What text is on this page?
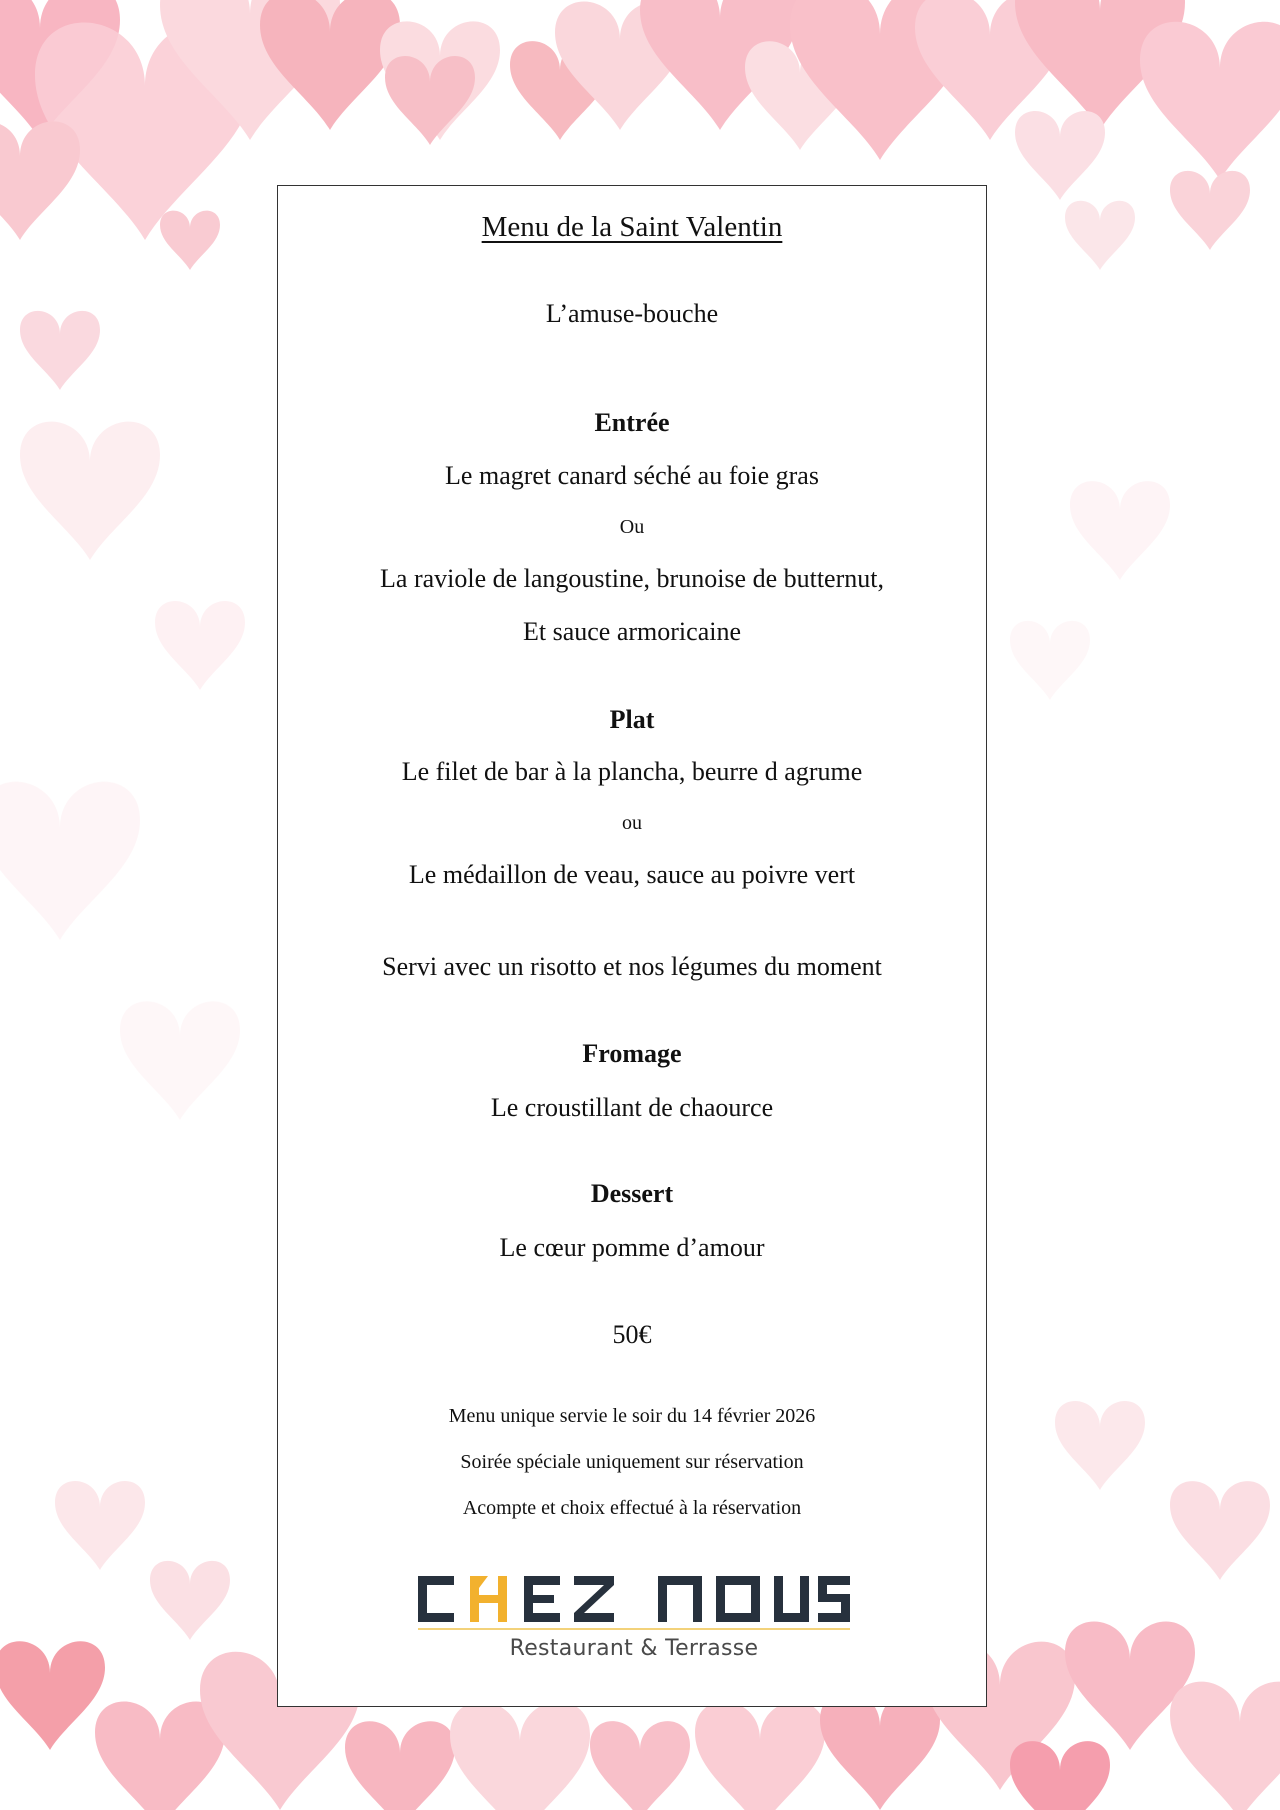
Menu de la Saint Valentin
L’amuse-bouche
Entrée
Le magret canard séché au foie gras
Ou
La raviole de langoustine, brunoise de butternut,
Et sauce armoricaine
Plat
Le filet de bar à la plancha, beurre d agrume
ou
Le médaillon de veau, sauce au poivre vert
Servi avec un risotto et nos légumes du moment
Fromage
Le croustillant de chaource
Dessert
Le cœur pomme d’amour
50€
Menu unique servie le soir du 14 février 2026
Soirée spéciale uniquement sur réservation
Acompte et choix effectué à la réservation
Restaurant & Terrasse
